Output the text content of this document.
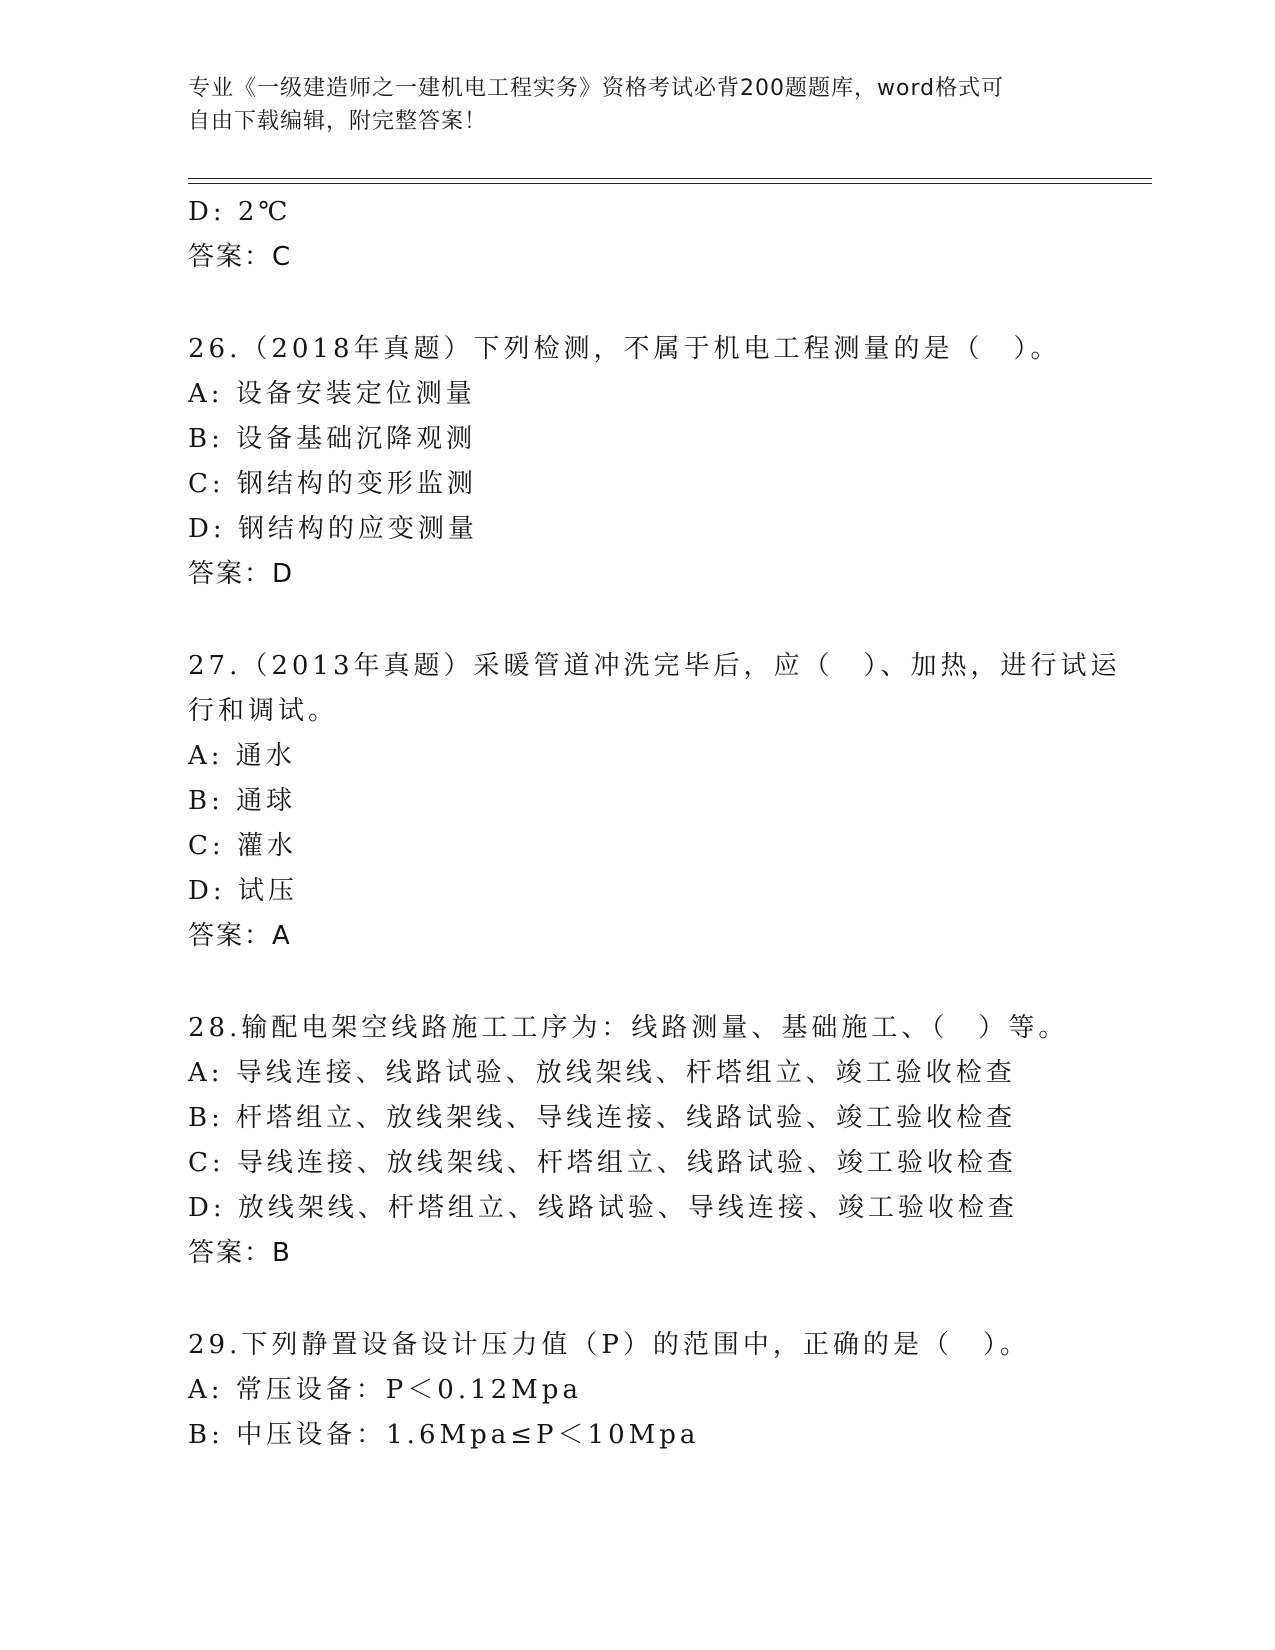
专业《一级建造师之一建机电工程实务》资格考试必背200题题库，word格式可
自由下载编辑，附完整答案！
D: 2℃
答案：C
26.（2018年真题）下列检测，不属于机电工程测量的是（　）。
A: 设备安装定位测量
B: 设备基础沉降观测
C: 钢结构的变形监测
D: 钢结构的应变测量
答案：D
27.（2013年真题）采暖管道冲洗完毕后，应（　）、加热，进行试运
行和调试。
A: 通水
B: 通球
C: 灌水
D: 试压
答案：A
28.输配电架空线路施工工序为：线路测量、基础施工、（　）等。
A: 导线连接、线路试验、放线架线、杆塔组立、竣工验收检查
B: 杆塔组立、放线架线、导线连接、线路试验、竣工验收检查
C: 导线连接、放线架线、杆塔组立、线路试验、竣工验收检查
D: 放线架线、杆塔组立、线路试验、导线连接、竣工验收检查
答案：B
29.下列静置设备设计压力值（P）的范围中，正确的是（　）。
A: 常压设备：P＜0.12Mpa
B: 中压设备：1.6Mpa≤P＜10Mpa
